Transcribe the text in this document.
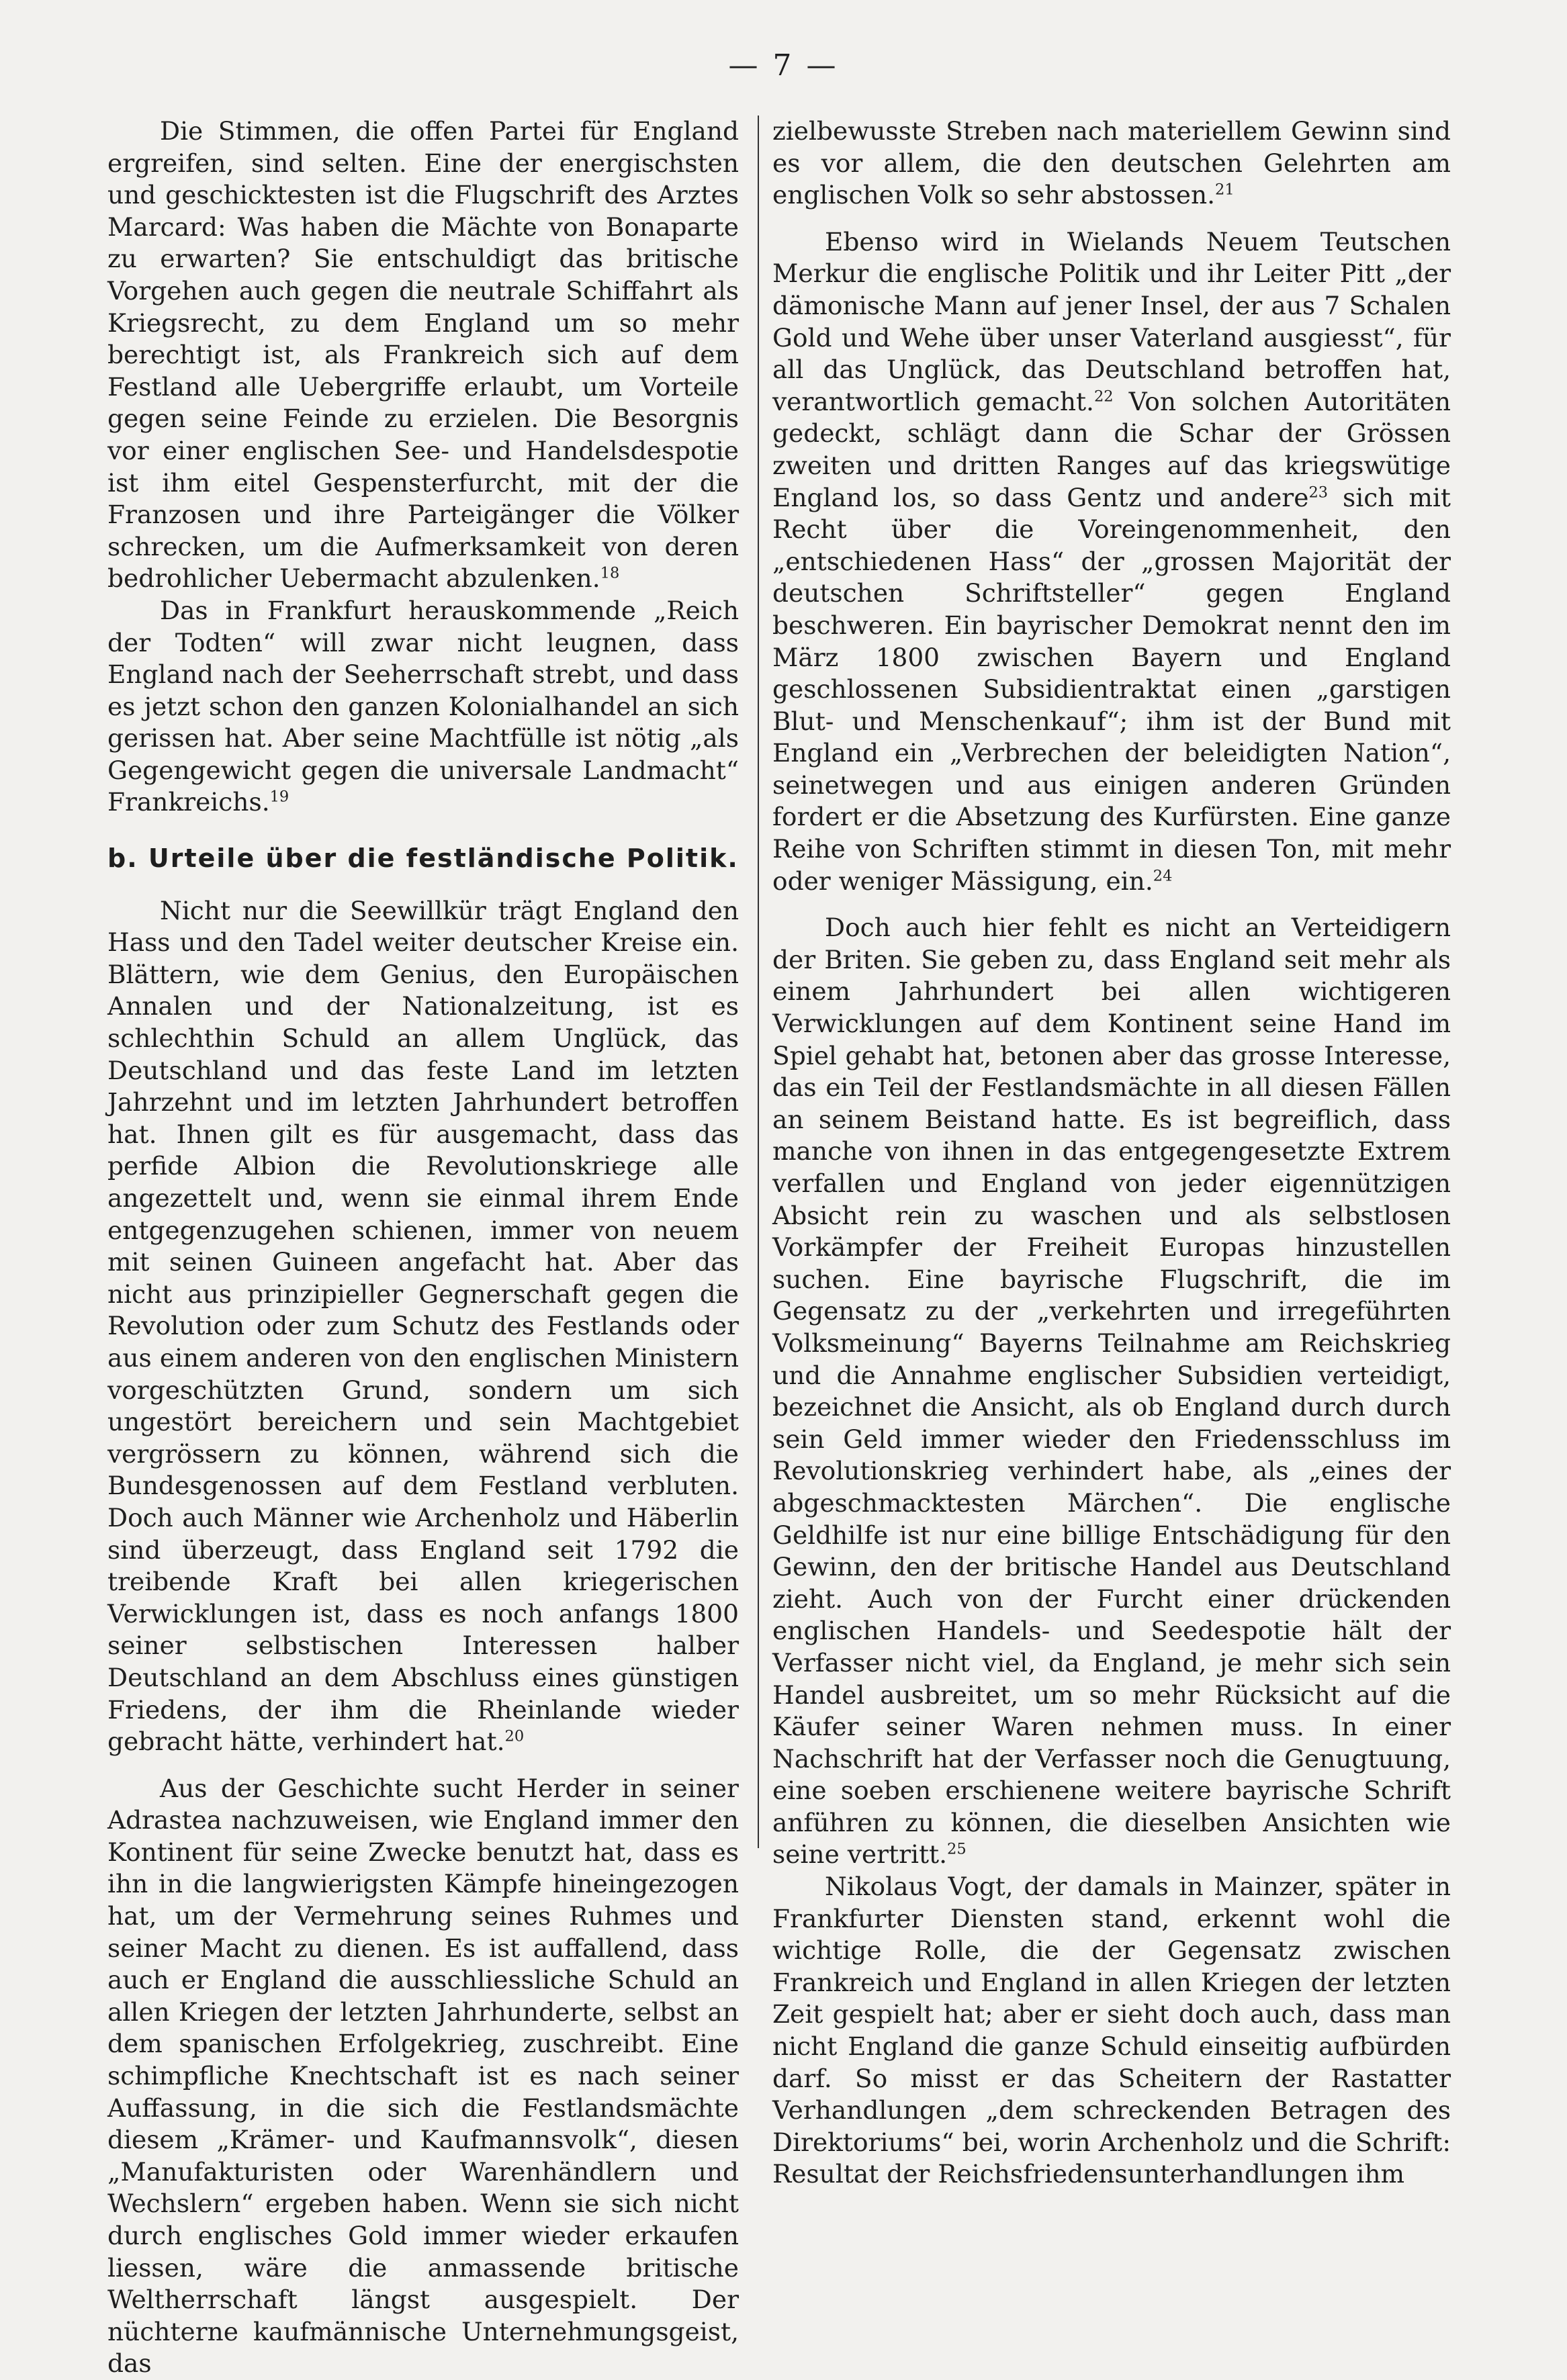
— 7 —

Die Stimmen, die offen Partei für England ergreifen, sind selten. Eine der energischsten und geschicktesten ist die Flugschrift des Arztes Marcard: Was haben die Mächte von Bonaparte zu erwarten? Sie entschuldigt das britische Vorgehen auch gegen die neutrale Schiffahrt als Kriegsrecht, zu dem England um so mehr berechtigt ist, als Frankreich sich auf dem Festland alle Uebergriffe erlaubt, um Vorteile gegen seine Feinde zu erzielen. Die Besorgnis vor einer englischen See- und Handelsdespotie ist ihm eitel Gespensterfurcht, mit der die Franzosen und ihre Parteigänger die Völker schrecken, um die Aufmerksamkeit von deren bedrohlicher Uebermacht abzulenken.$^{18}$

Das in Frankfurt herauskommende „Reich der Todten“ will zwar nicht leugnen, dass England nach der Seeherrschaft strebt, und dass es jetzt schon den ganzen Kolonialhandel an sich gerissen hat. Aber seine Machtfülle ist nötig „als Gegengewicht gegen die universale Landmacht“ Frankreichs.$^{19}$

b. Urteile über die festländische Politik.

Nicht nur die Seewillkür trägt England den Hass und den Tadel weiter deutscher Kreise ein. Blättern, wie dem Genius, den Europäischen Annalen und der Nationalzeitung, ist es schlechthin Schuld an allem Unglück, das Deutschland und das feste Land im letzten Jahrzehnt und im letzten Jahrhundert betroffen hat. Ihnen gilt es für ausgemacht, dass das perfide Albion die Revolutionskriege alle angezettelt und, wenn sie einmal ihrem Ende entgegenzugehen schienen, immer von neuem mit seinen Guineen angefacht hat. Aber das nicht aus prinzipieller Gegnerschaft gegen die Revolution oder zum Schutz des Festlands oder aus einem anderen von den englischen Ministern vorgeschützten Grund, sondern um sich ungestört bereichern und sein Machtgebiet vergrössern zu können, während sich die Bundesgenossen auf dem Festland verbluten. Doch auch Männer wie Archenholz und Häberlin sind überzeugt, dass England seit 1792 die treibende Kraft bei allen kriegerischen Verwicklungen ist, dass es noch anfangs 1800 seiner selbstischen Interessen halber Deutschland an dem Abschluss eines günstigen Friedens, der ihm die Rheinlande wieder gebracht hätte, verhindert hat.$^{20}$

Aus der Geschichte sucht Herder in seiner Adrastea nachzuweisen, wie England immer den Kontinent für seine Zwecke benutzt hat, dass es ihn in die langwierigsten Kämpfe hineingezogen hat, um der Vermehrung seines Ruhmes und seiner Macht zu dienen. Es ist auffallend, dass auch er England die ausschliessliche Schuld an allen Kriegen der letzten Jahrhunderte, selbst an dem spanischen Erfolgekrieg, zuschreibt. Eine schimpfliche Knechtschaft ist es nach seiner Auffassung, in die sich die Festlandsmächte diesem „Krämer- und Kaufmannsvolk“, diesen „Manufakturisten oder Warenhändlern und Wechslern“ ergeben haben. Wenn sie sich nicht durch englisches Gold immer wieder erkaufen liessen, wäre die anmassende britische Weltherrschaft längst ausgespielt. Der nüchterne kaufmännische Unternehmungsgeist, das

zielbewusste Streben nach materiellem Gewinn sind es vor allem, die den deutschen Gelehrten am englischen Volk so sehr abstossen.$^{21}$

Ebenso wird in Wielands Neuem Teutschen Merkur die englische Politik und ihr Leiter Pitt „der dämonische Mann auf jener Insel, der aus 7 Schalen Gold und Wehe über unser Vaterland ausgiesst“, für all das Unglück, das Deutschland betroffen hat, verantwortlich gemacht.$^{22}$ Von solchen Autoritäten gedeckt, schlägt dann die Schar der Grössen zweiten und dritten Ranges auf das kriegswütige England los, so dass Gentz und andere$^{23}$ sich mit Recht über die Voreingenommenheit, den „entschiedenen Hass“ der „grossen Majorität der deutschen Schriftsteller“ gegen England beschweren. Ein bayrischer Demokrat nennt den im März 1800 zwischen Bayern und England geschlossenen Subsidientraktat einen „garstigen Blut- und Menschenkauf“; ihm ist der Bund mit England ein „Verbrechen der beleidigten Nation“, seinetwegen und aus einigen anderen Gründen fordert er die Absetzung des Kurfürsten. Eine ganze Reihe von Schriften stimmt in diesen Ton, mit mehr oder weniger Mässigung, ein.$^{24}$

Doch auch hier fehlt es nicht an Verteidigern der Briten. Sie geben zu, dass England seit mehr als einem Jahrhundert bei allen wichtigeren Verwicklungen auf dem Kontinent seine Hand im Spiel gehabt hat, betonen aber das grosse Interesse, das ein Teil der Festlandsmächte in all diesen Fällen an seinem Beistand hatte. Es ist begreiflich, dass manche von ihnen in das entgegengesetzte Extrem verfallen und England von jeder eigennützigen Absicht rein zu waschen und als selbstlosen Vorkämpfer der Freiheit Europas hinzustellen suchen. Eine bayrische Flugschrift, die im Gegensatz zu der „verkehrten und irregeführten Volksmeinung“ Bayerns Teilnahme am Reichskrieg und die Annahme englischer Subsidien verteidigt, bezeichnet die Ansicht, als ob England durch durch sein Geld immer wieder den Friedensschluss im Revolutionskrieg verhindert habe, als „eines der abgeschmacktesten Märchen“. Die englische Geldhilfe ist nur eine billige Entschädigung für den Gewinn, den der britische Handel aus Deutschland zieht. Auch von der Furcht einer drückenden englischen Handels- und Seedespotie hält der Verfasser nicht viel, da England, je mehr sich sein Handel ausbreitet, um so mehr Rücksicht auf die Käufer seiner Waren nehmen muss. In einer Nachschrift hat der Verfasser noch die Genugtuung, eine soeben erschienene weitere bayrische Schrift anführen zu können, die dieselben Ansichten wie seine vertritt.$^{25}$

Nikolaus Vogt, der damals in Mainzer, später in Frankfurter Diensten stand, erkennt wohl die wichtige Rolle, die der Gegensatz zwischen Frankreich und England in allen Kriegen der letzten Zeit gespielt hat; aber er sieht doch auch, dass man nicht England die ganze Schuld einseitig aufbürden darf. So misst er das Scheitern der Rastatter Verhandlungen „dem schreckenden Betragen des Direktoriums“ bei, worin Archenholz und die Schrift: Resultat der Reichsfriedensunterhandlungen ihm
